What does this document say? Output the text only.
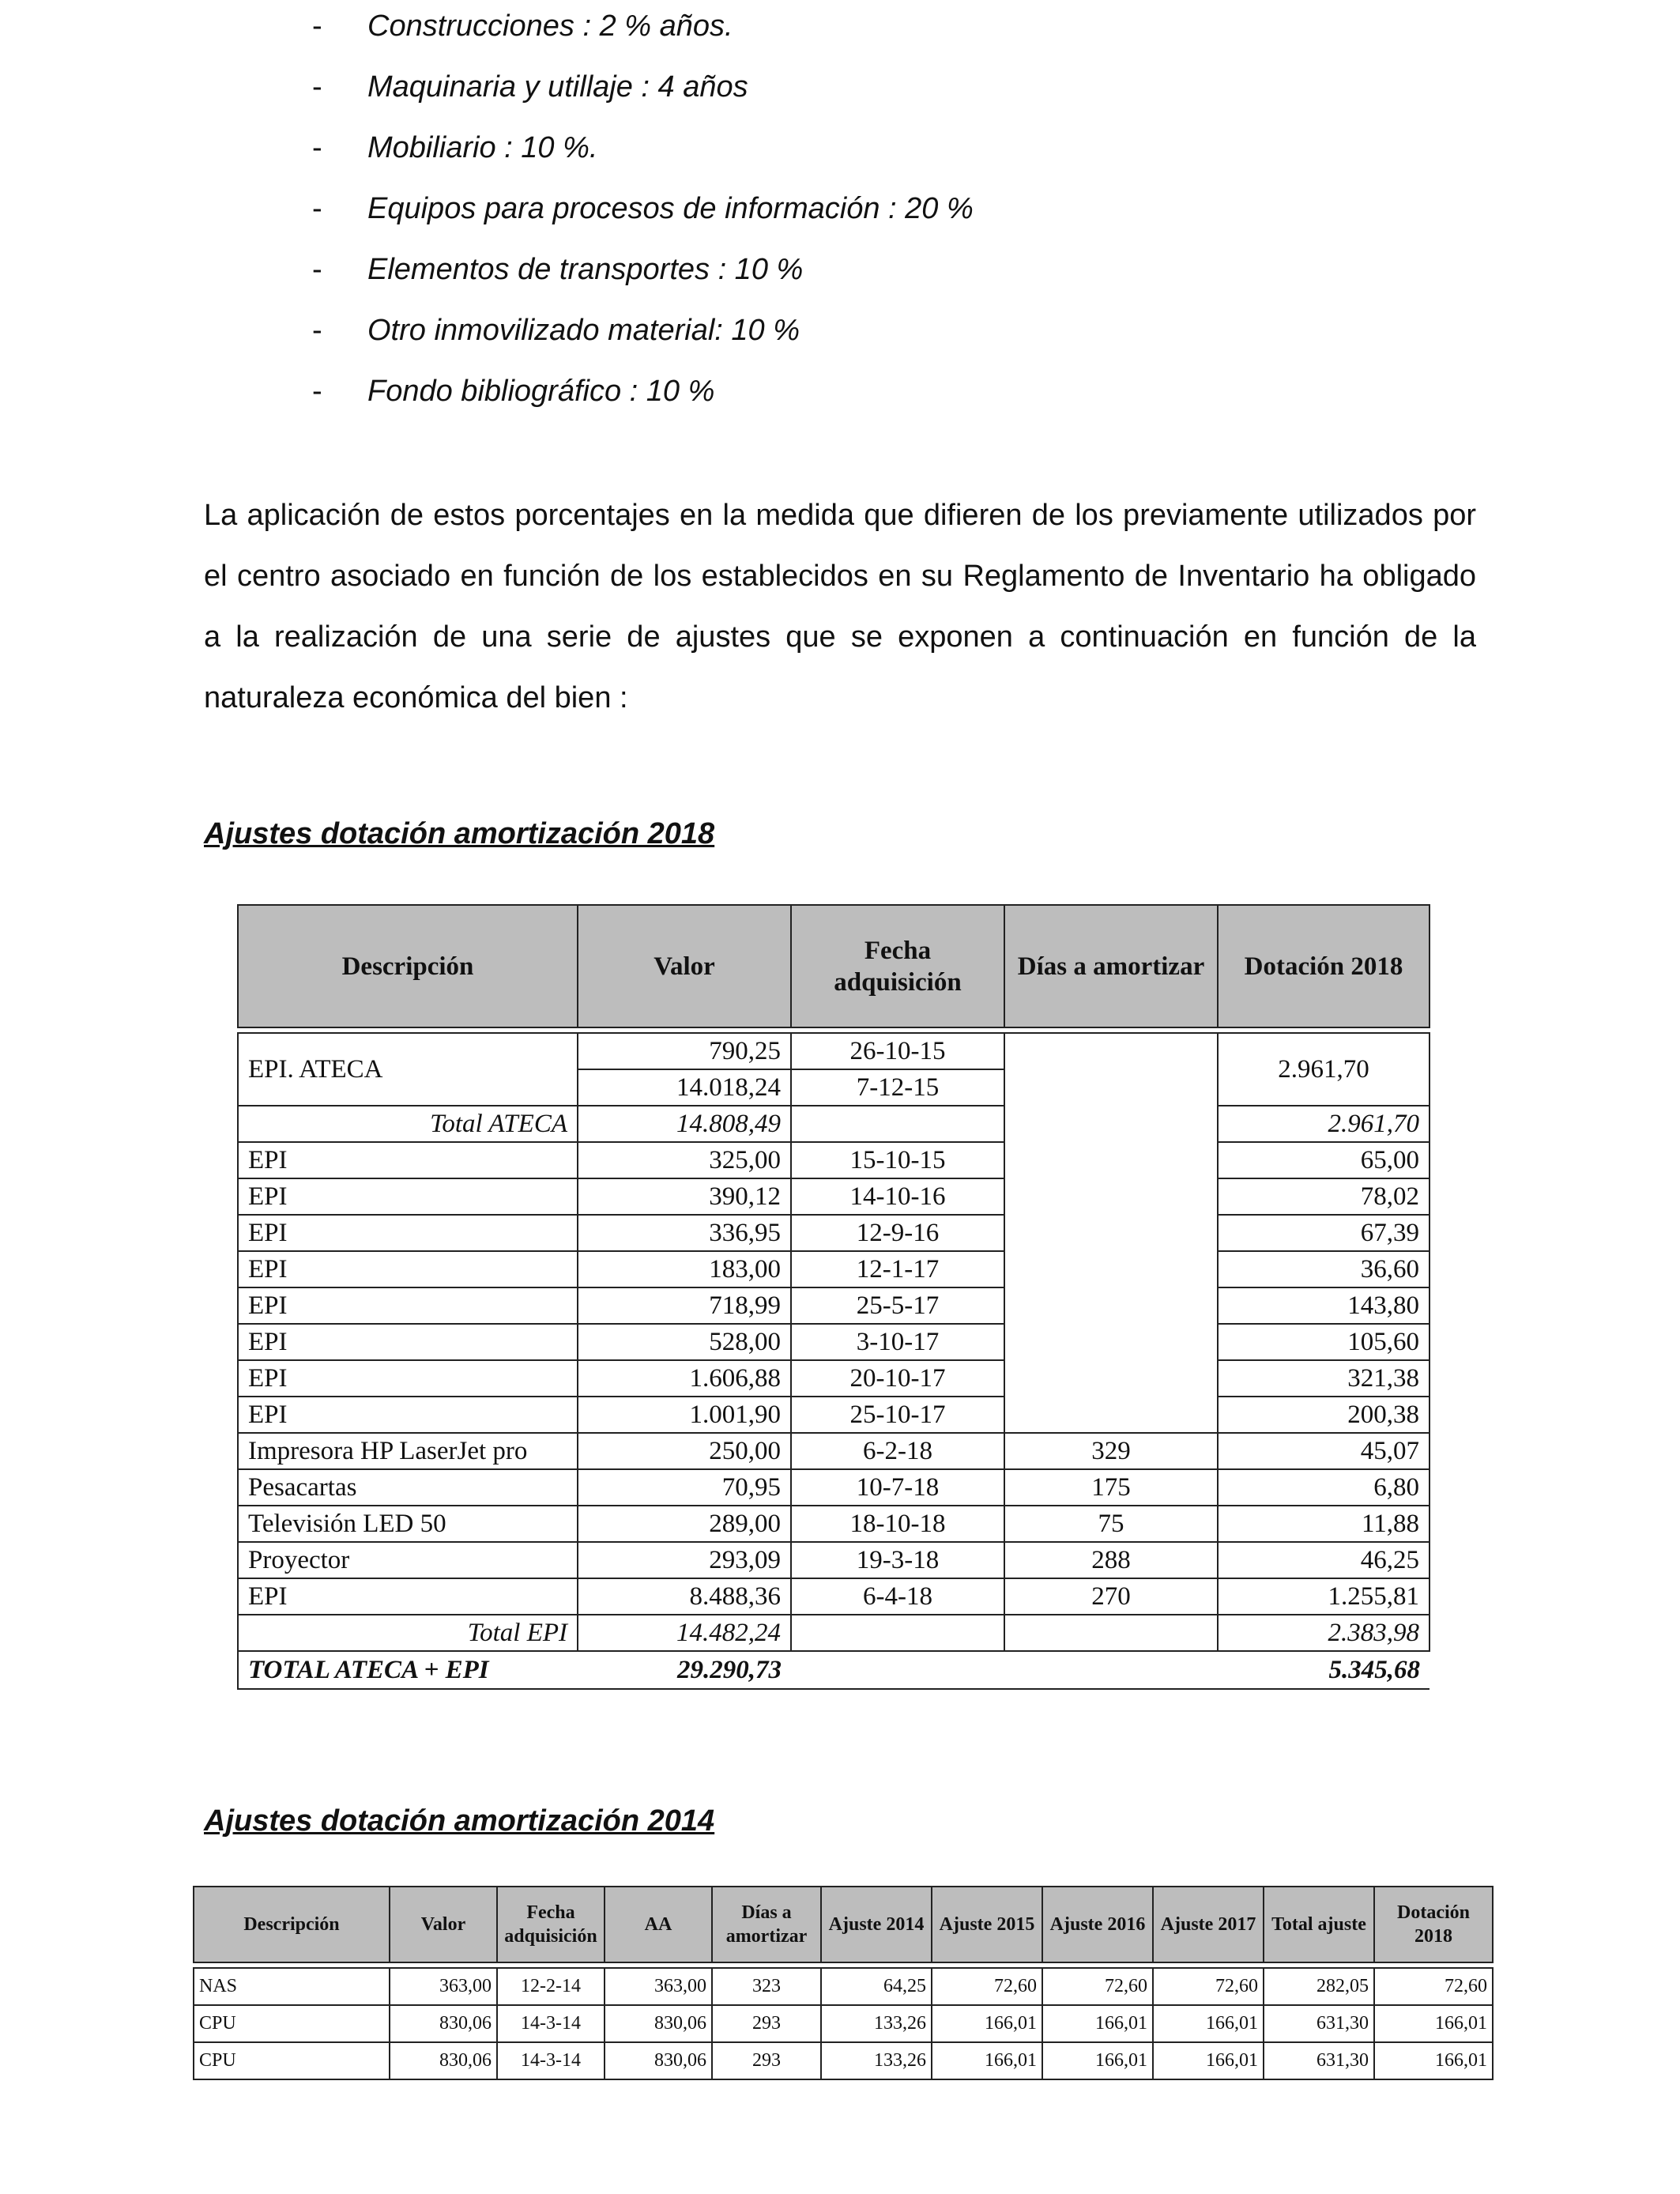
- Construcciones : 2 % años.
- Maquinaria y utillaje : 4 años
- Mobiliario : 10 %.
- Equipos para procesos de información : 20 %
- Elementos de transportes : 10 %
- Otro inmovilizado material: 10 %
- Fondo bibliográfico : 10 %

La aplicación de estos porcentajes en la medida que difieren de los previamente utilizados por el centro asociado en función de los establecidos en su Reglamento de Inventario ha obligado a la realización de una serie de ajustes que se exponen a continuación en función de la naturaleza económica del bien :

Ajustes dotación amortización 2018
Descripción	Valor	Fecha adquisición	Días a amortizar	Dotación 2018

EPI. ATECA	790,25	26-10-15		2.961,70
	14.018,24	7-12-15		
Total ATECA	14.808,49			2.961,70
EPI	325,00	15-10-15		65,00
EPI	390,12	14-10-16		78,02
EPI	336,95	12-9-16		67,39
EPI	183,00	12-1-17		36,60
EPI	718,99	25-5-17		143,80
EPI	528,00	3-10-17		105,60
EPI	1.606,88	20-10-17		321,38
EPI	1.001,90	25-10-17		200,38
Impresora HP LaserJet pro	250,00	6-2-18	329	45,07
Pesacartas	70,95	10-7-18	175	6,80
Televisión LED 50	289,00	18-10-18	75	11,88
Proyector	293,09	19-3-18	288	46,25
EPI	8.488,36	6-4-18	270	1.255,81
Total EPI	14.482,24			2.383,98
TOTAL ATECA + EPI	29.290,73			5.345,68
Ajustes dotación amortización 2014
Descripción	Valor	Fecha adquisición	AA	Días a amortizar	Ajuste 2014	Ajuste 2015	Ajuste 2016	Ajuste 2017	Total ajuste	Dotación 2018

NAS	363,00	12-2-14	363,00	323	64,25	72,60	72,60	72,60	282,05	72,60
CPU	830,06	14-3-14	830,06	293	133,26	166,01	166,01	166,01	631,30	166,01
CPU	830,06	14-3-14	830,06	293	133,26	166,01	166,01	166,01	631,30	166,01
